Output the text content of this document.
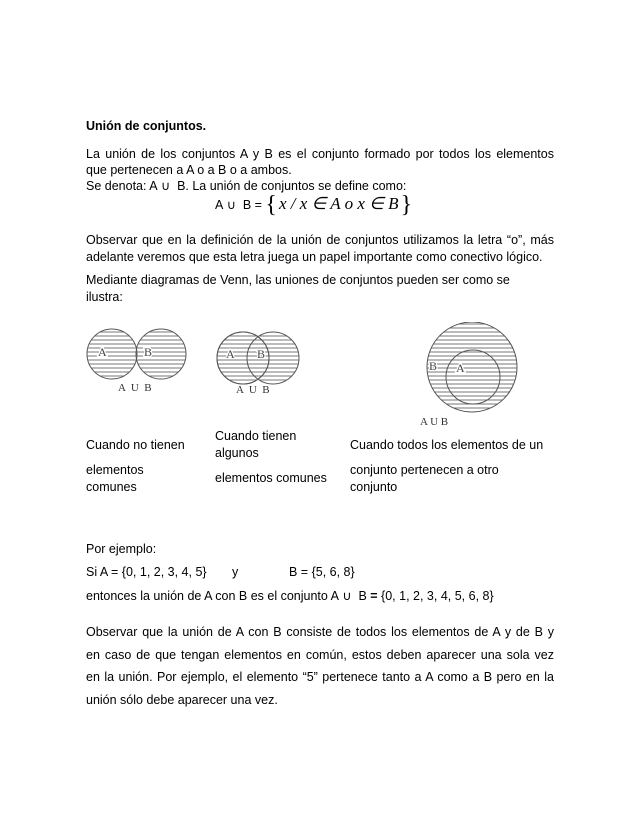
Unión de conjuntos.
La unión de los conjuntos A y B es el conjunto formado por todos los elementos
que pertenecen a A o a B o a ambos.
Se denota: A ∪ B. La unión de conjuntos se define como:
A ∪ B = { x / x ∈ A o x ∈ B}
Observar que en la definición de la unión de conjuntos utilizamos la letra “o”, más
adelante veremos que esta letra juega un papel importante como conectivo lógico.
Mediante diagramas de Venn, las uniones de conjuntos pueden ser como se
ilustra:
A	B
A  U  B
A B
A  U  B
B A
A U B
Cuando no tienen
elementos
comunes
Cuando tienen
algunos
elementos comunes
Cuando todos los elementos de un
conjunto pertenecen a otro
conjunto
Por ejemplo:
Si A = {0, 1, 2, 3, 4, 5} y	B = {5, 6, 8}
entonces la unión de A con B es el conjunto A ∪ B = {0, 1, 2, 3, 4, 5, 6, 8}
Observar que la unión de A con B consiste de todos los elementos de A y de B y
en caso de que tengan elementos en común, estos deben aparecer una sola vez
en la unión. Por ejemplo, el elemento “5” pertenece tanto a A como a B pero en la
unión sólo debe aparecer una vez.
